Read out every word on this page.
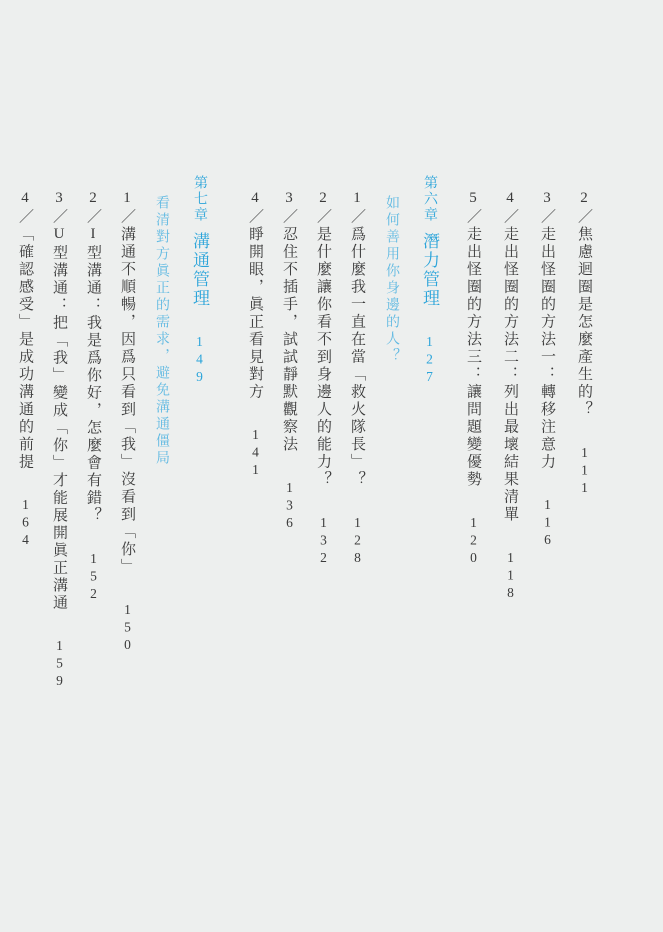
2／焦慮迴圈是怎麼產生的？111
3／走出怪圈的方法一：轉移注意力116
4／走出怪圈的方法二：列出最壞結果清單118
5／走出怪圈的方法三：讓問題變優勢120
第六章潛力管理127
如何善用你身邊的人？
1／爲什麼我一直在當「救火隊長」？128
2／是什麼讓你看不到身邊人的能力？132
3／忍住不插手，試試靜默觀察法136
4／睜開眼，眞正看見對方141
第七章溝通管理149
看清對方眞正的需求，避免溝通僵局
1／溝通不順暢，因爲只看到「我」沒看到「你」150
2／I型溝通：我是爲你好，怎麼會有錯？152
3／U型溝通：把「我」變成「你」才能展開眞正溝通159
4／「確認感受」是成功溝通的前提164
